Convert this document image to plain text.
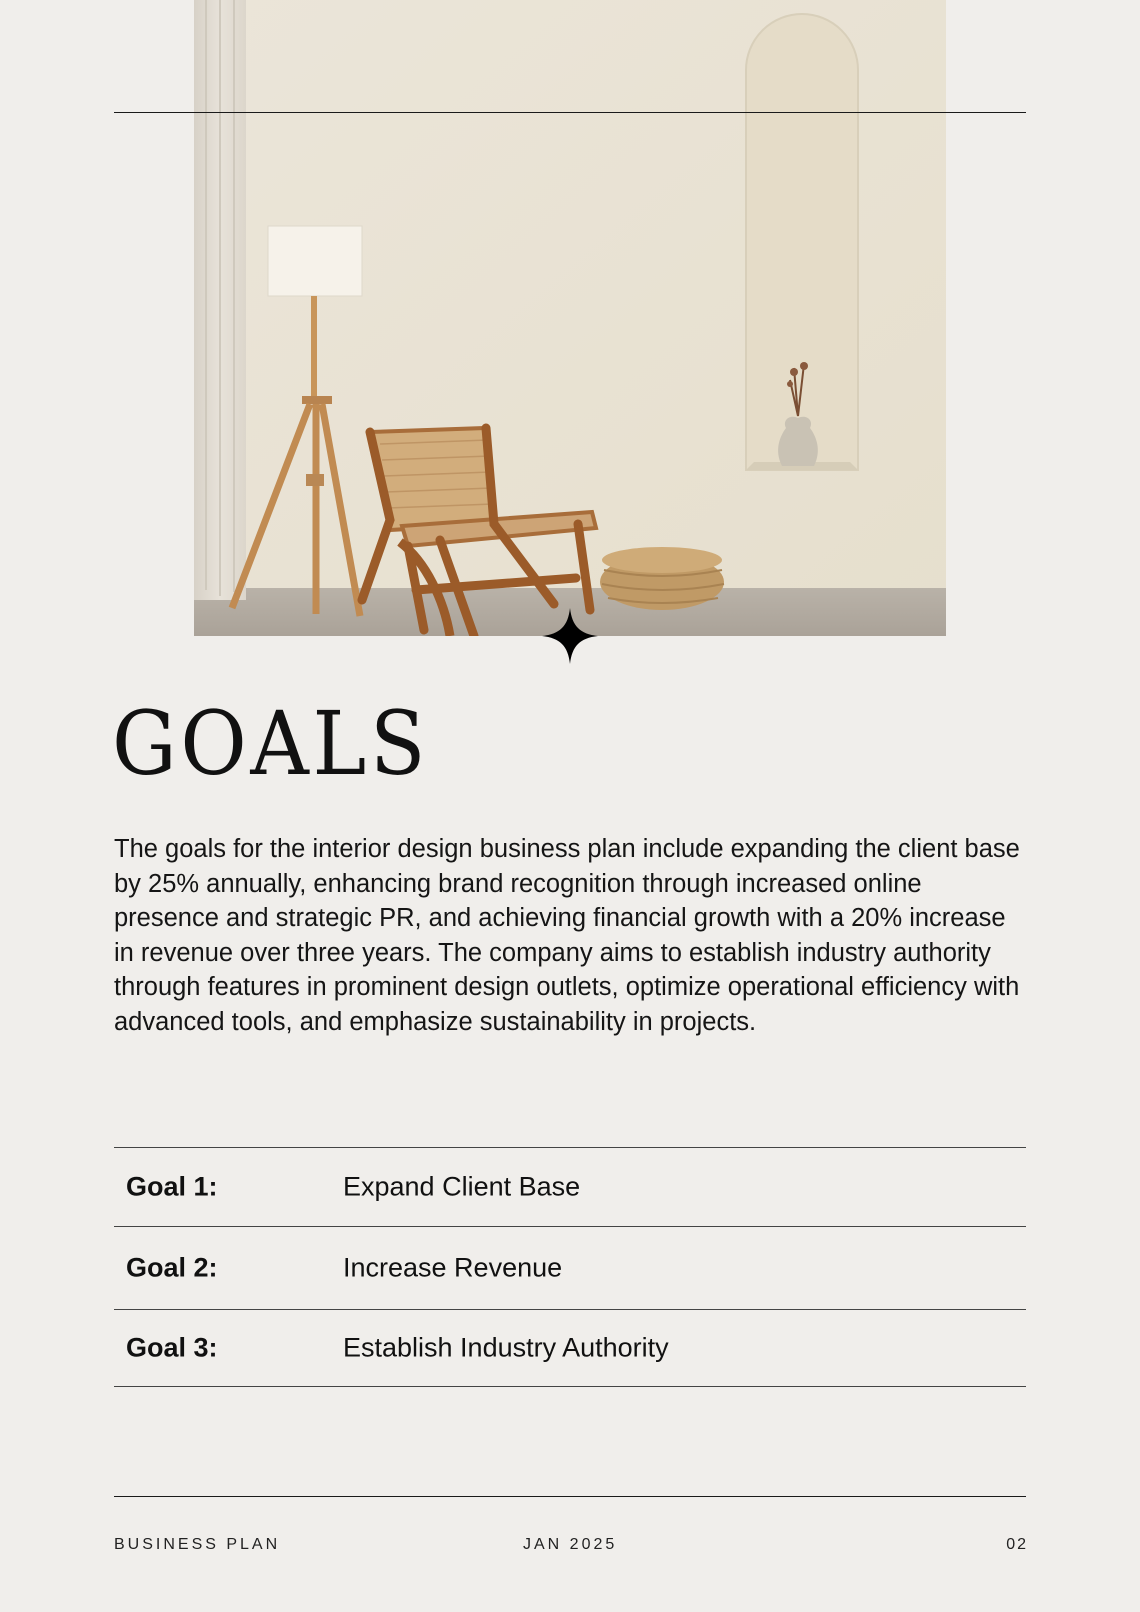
GOALS

The goals for the interior design business plan include expanding the client base by 25% annually, enhancing brand recognition through increased online presence and strategic PR, and achieving financial growth with a 20% increase in revenue over three years. The company aims to establish industry authority through features in prominent design outlets, optimize operational efficiency with advanced tools, and emphasize sustainability in projects.

Goal 1:	Expand Client Base
Goal 2:	Increase Revenue
Goal 3:	Establish Industry Authority
BUSINESS PLAN	JAN 2025	02
